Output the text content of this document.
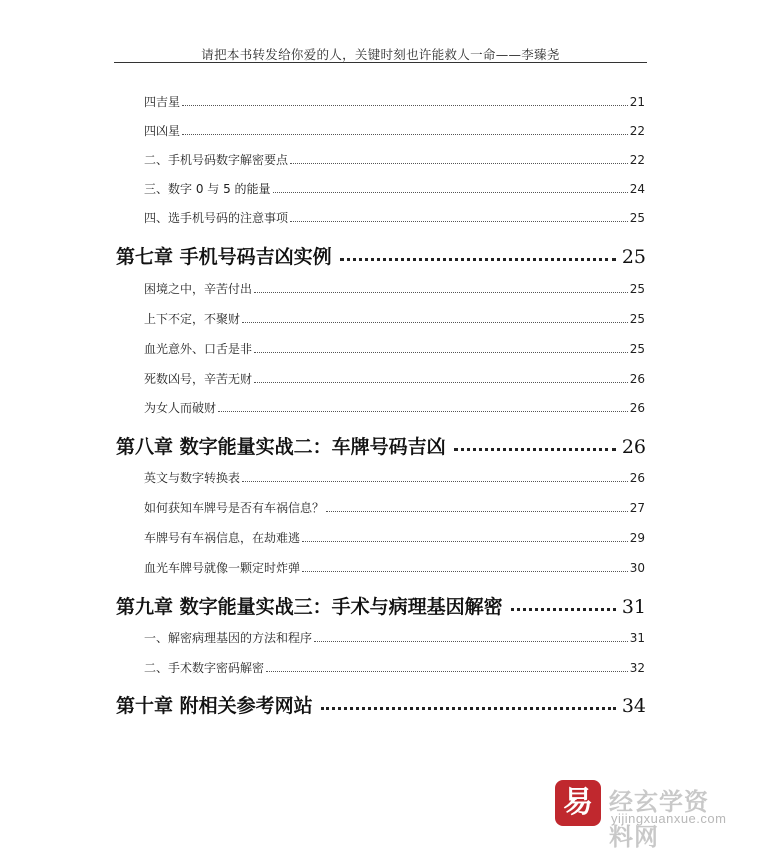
请把本书转发给你爱的人，关键时刻也许能救人一命——李臻尧
四吉星	21
四凶星	22
二、手机号码数字解密要点	22
三、数字 0 与 5 的能量	24
四、选手机号码的注意事项	25
第七章 手机号码吉凶实例	25
困境之中，辛苦付出	25
上下不定，不聚财	25
血光意外、口舌是非	25
死数凶号，辛苦无财	26
为女人而破财	26
第八章 数字能量实战二：车牌号码吉凶	26
英文与数字转换表	26
如何获知车牌号是否有车祸信息？	27
车牌号有车祸信息，在劫难逃	29
血光车牌号就像一颗定时炸弹	30
第九章 数字能量实战三：手术与病理基因解密	31
一、解密病理基因的方法和程序	31
二、手术数字密码解密	32
第十章 附相关参考网站	34
易 经玄学资料网
yijingxuanxue.com
